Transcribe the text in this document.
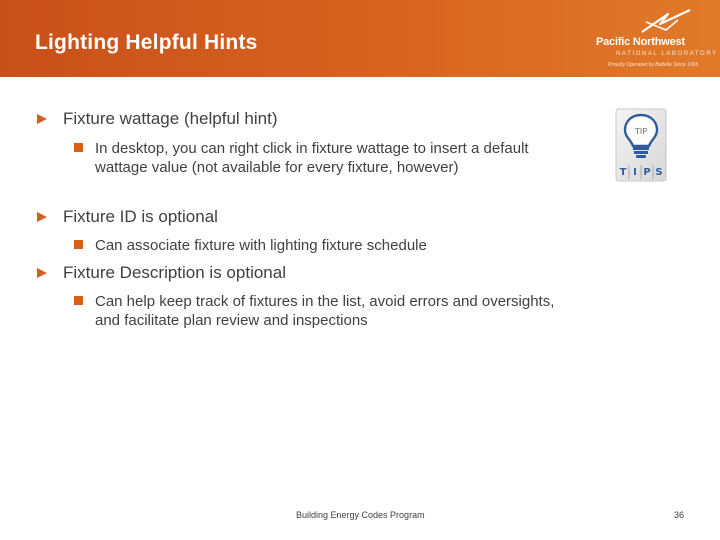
Lighting Helpful Hints	Pacific Northwest
NATIONAL LABORATORY
Proudly Operated by Battelle Since 1965
Fixture wattage (helpful hint)
In desktop, you can right click in fixture wattage to insert a default wattage value (not available for every fixture, however)
Fixture ID is optional
Can associate fixture with lighting fixture schedule
Fixture Description is optional
Can help keep track of fixtures in the list, avoid errors and oversights, and facilitate plan review and inspections
TIP
T I P S
Building Energy Codes Program	36
